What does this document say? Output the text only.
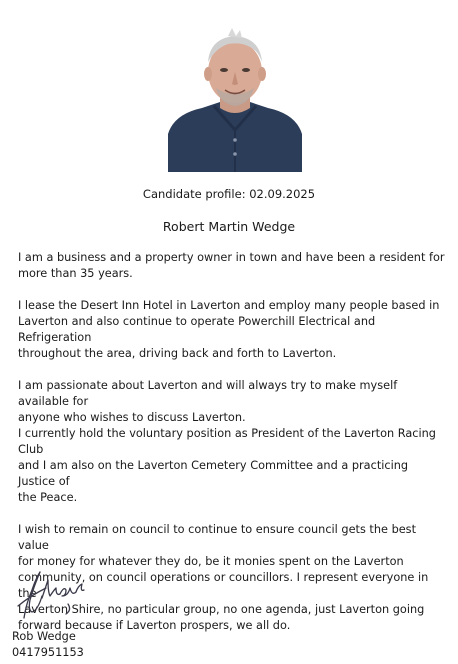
Candidate profile: 02.09.2025
Robert Martin Wedge

I am a business and a property owner in town and have been a resident for
more than 35 years.

I lease the Desert Inn Hotel in Laverton and employ many people based in
Laverton and also continue to operate Powerchill Electrical and Refrigeration
throughout the area, driving back and forth to Laverton.

I am passionate about Laverton and will always try to make myself available for
anyone who wishes to discuss Laverton.

I currently hold the voluntary position as President of the Laverton Racing Club
and I am also on the Laverton Cemetery Committee and a practicing Justice of
the Peace.

I wish to remain on council to continue to ensure council gets the best value
for money for whatever they do, be it monies spent on the Laverton
community, on council operations or councillors. I represent everyone in the
Laverton Shire, no particular group, no one agenda, just Laverton going
forward because if Laverton prospers, we all do.

Rob Wedge
0417951153
